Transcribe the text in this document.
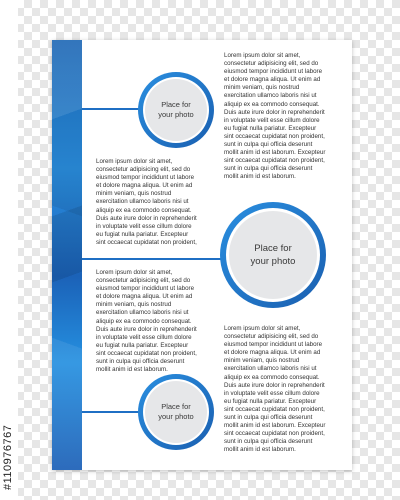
#110976767
Place for
your photo
Lorem ipsum dolor sit amet,
consectetur adipisicing elit, sed do
eiusmod tempor incididunt ut labore
et dolore magna aliqua. Ut enim ad
minim veniam, quis nostrud
exercitation ullamco laboris nisi ut
aliquip ex ea commodo consequat.
Duis aute irure dolor in reprehenderit
in voluptate velit esse cillum dolore
eu fugiat nulla pariatur. Excepteur
sint occaecat cupidatat non proident,
sunt in culpa qui officia deserunt
mollit anim id est laborum. Excepteur
sint occaecat cupidatat non proident,
sunt in culpa qui officia deserunt
mollit anim id est laborum.
Lorem ipsum dolor sit amet,
consectetur adipisicing elit, sed do
eiusmod tempor incididunt ut labore
et dolore magna aliqua. Ut enim ad
minim veniam, quis nostrud
exercitation ullamco laboris nisi ut
aliquip ex ea commodo consequat.
Duis aute irure dolor in reprehenderit
in voluptate velit esse cillum dolore
eu fugiat nulla pariatur. Excepteur
sint occaecat cupidatat non proident,
Place for
your photo
Lorem ipsum dolor sit amet,
consectetur adipisicing elit, sed do
eiusmod tempor incididunt ut labore
et dolore magna aliqua. Ut enim ad
minim veniam, quis nostrud
exercitation ullamco laboris nisi ut
aliquip ex ea commodo consequat.
Duis aute irure dolor in reprehenderit
in voluptate velit esse cillum dolore
eu fugiat nulla pariatur. Excepteur
sint occaecat cupidatat non proident,
sunt in culpa qui officia deserunt
mollit anim id est laborum.
Lorem ipsum dolor sit amet,
consectetur adipisicing elit, sed do
eiusmod tempor incididunt ut labore
et dolore magna aliqua. Ut enim ad
minim veniam, quis nostrud
exercitation ullamco laboris nisi ut
aliquip ex ea commodo consequat.
Duis aute irure dolor in reprehenderit
in voluptate velit esse cillum dolore
eu fugiat nulla pariatur. Excepteur
sint occaecat cupidatat non proident,
sunt in culpa qui officia deserunt
mollit anim id est laborum. Excepteur
sint occaecat cupidatat non proident,
sunt in culpa qui officia deserunt
mollit anim id est laborum.
Place for
your photo
